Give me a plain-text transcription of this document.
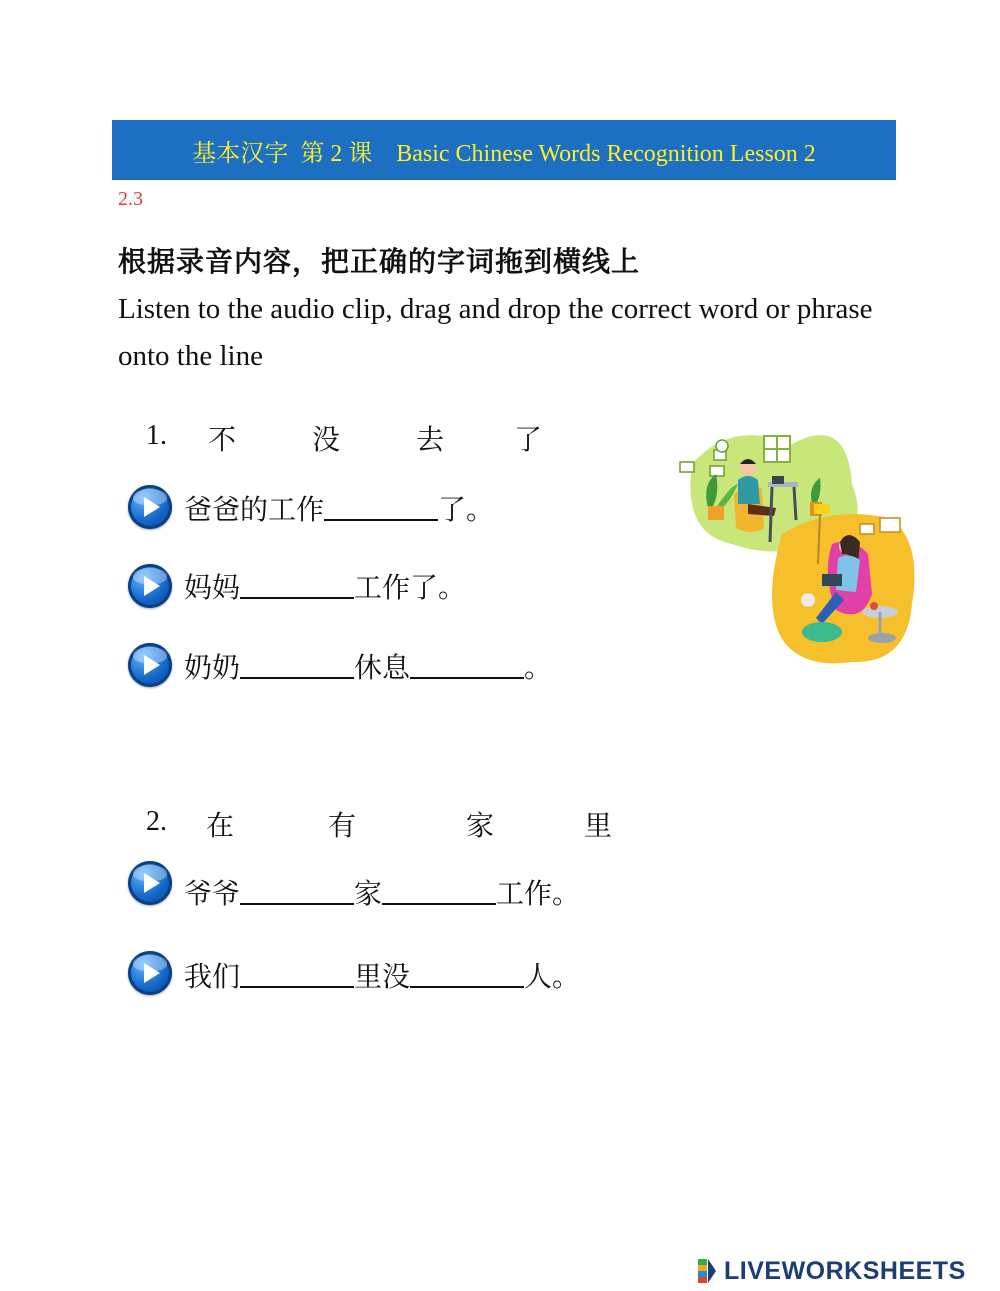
基本汉字  第 2 课    Basic Chinese Words Recognition Lesson 2
2.3
根据录音内容，把正确的字词拖到横线上
Listen to the audio clip, drag and drop the correct word or phrase onto the line
1. 不	没	去 了
爸爸的工作	了。
妈妈	工作了。
奶奶	休息	。
2. 在	有	家	里
爷爷	家	工作。
我们	里没	人。
LIVEWORKSHEETS
